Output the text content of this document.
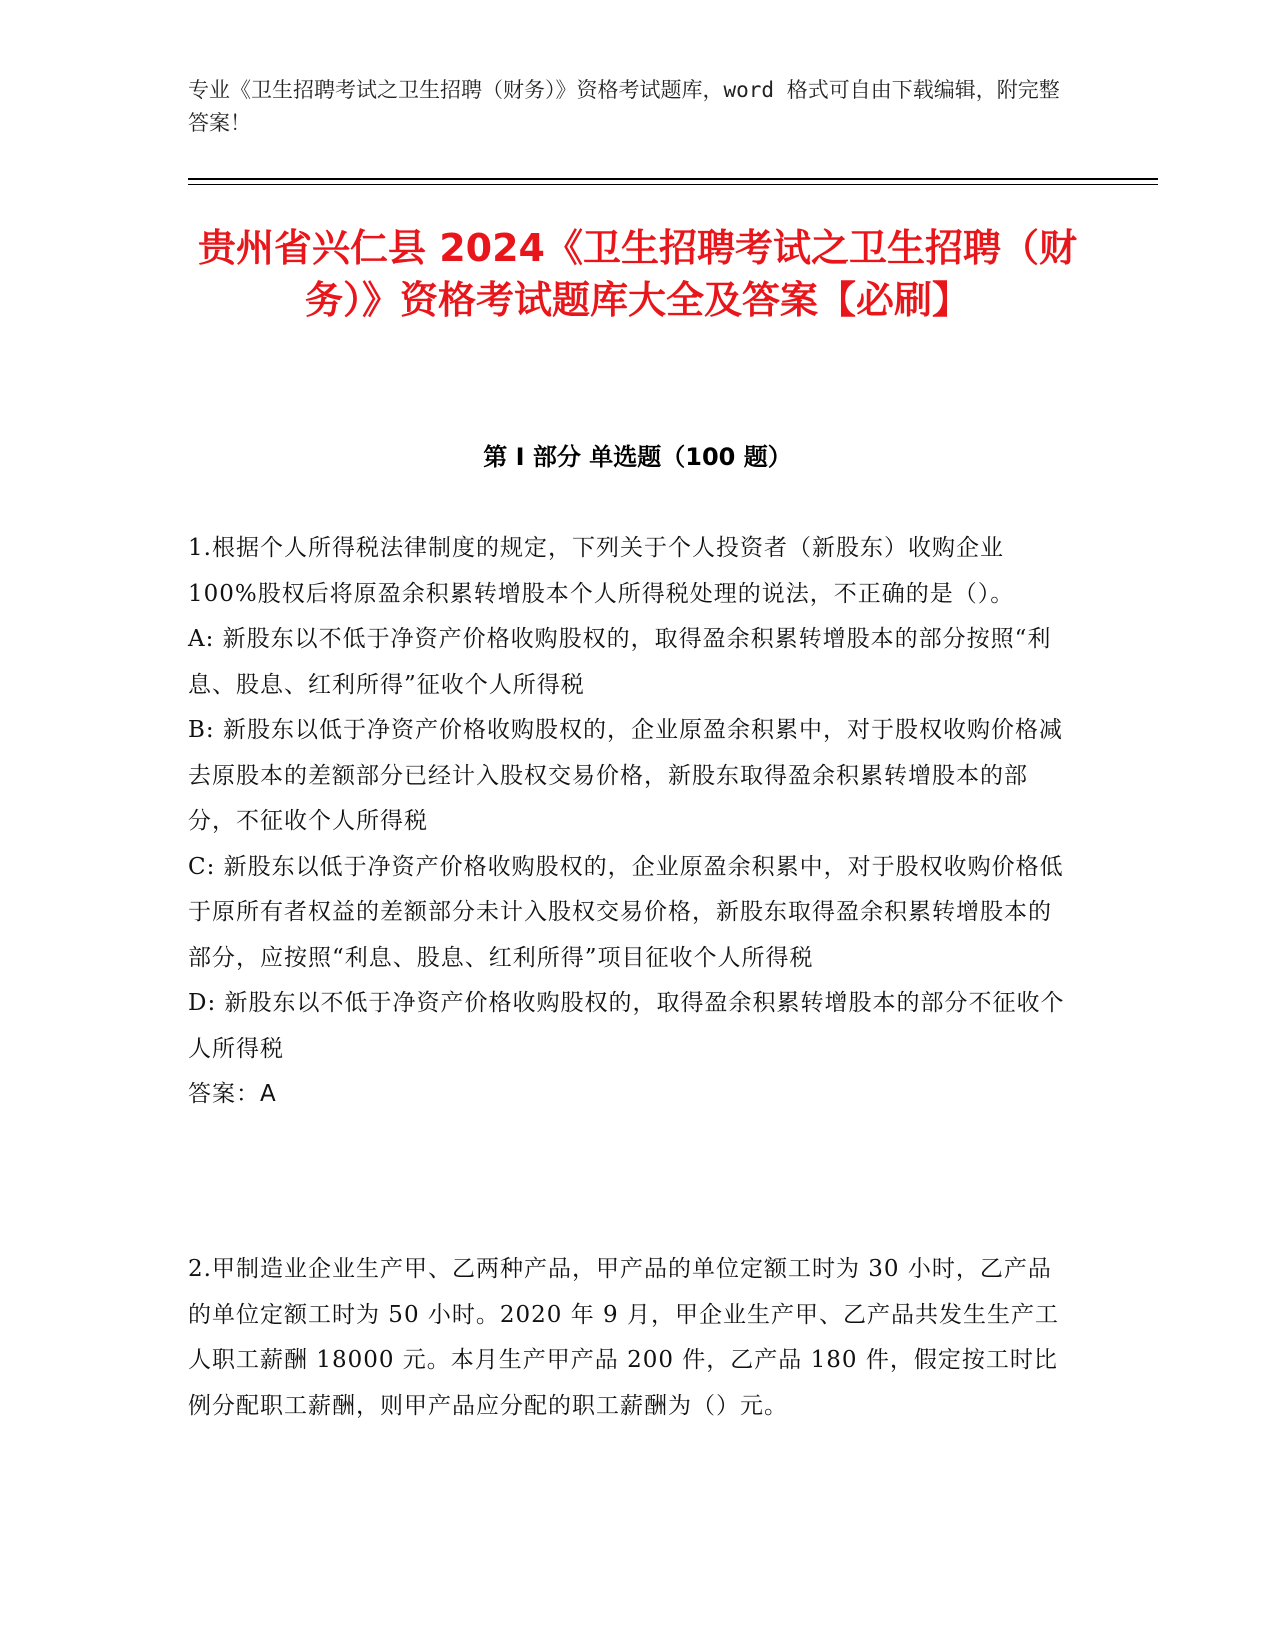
专业《卫生招聘考试之卫生招聘（财务）》资格考试题库，word 格式可自由下载编辑，附完整答案！
贵州省兴仁县 2024《卫生招聘考试之卫生招聘（财务）》资格考试题库大全及答案【必刷】
第 I 部分 单选题（100 题）

1.根据个人所得税法律制度的规定，下列关于个人投资者（新股东）收购企业100%股权后将原盈余积累转增股本个人所得税处理的说法，不正确的是（）。

A: 新股东以不低于净资产价格收购股权的，取得盈余积累转增股本的部分按照“利息、股息、红利所得”征收个人所得税

B: 新股东以低于净资产价格收购股权的，企业原盈余积累中，对于股权收购价格减去原股本的差额部分已经计入股权交易价格，新股东取得盈余积累转增股本的部分，不征收个人所得税

C: 新股东以低于净资产价格收购股权的，企业原盈余积累中，对于股权收购价格低于原所有者权益的差额部分未计入股权交易价格，新股东取得盈余积累转增股本的部分，应按照“利息、股息、红利所得”项目征收个人所得税

D: 新股东以不低于净资产价格收购股权的，取得盈余积累转增股本的部分不征收个人所得税

答案：A

2.甲制造业企业生产甲、乙两种产品，甲产品的单位定额工时为 30 小时，乙产品的单位定额工时为 50 小时。2020 年 9 月，甲企业生产甲、乙产品共发生生产工人职工薪酬 18000 元。本月生产甲产品 200 件，乙产品 180 件，假定按工时比例分配职工薪酬，则甲产品应分配的职工薪酬为（）元。
